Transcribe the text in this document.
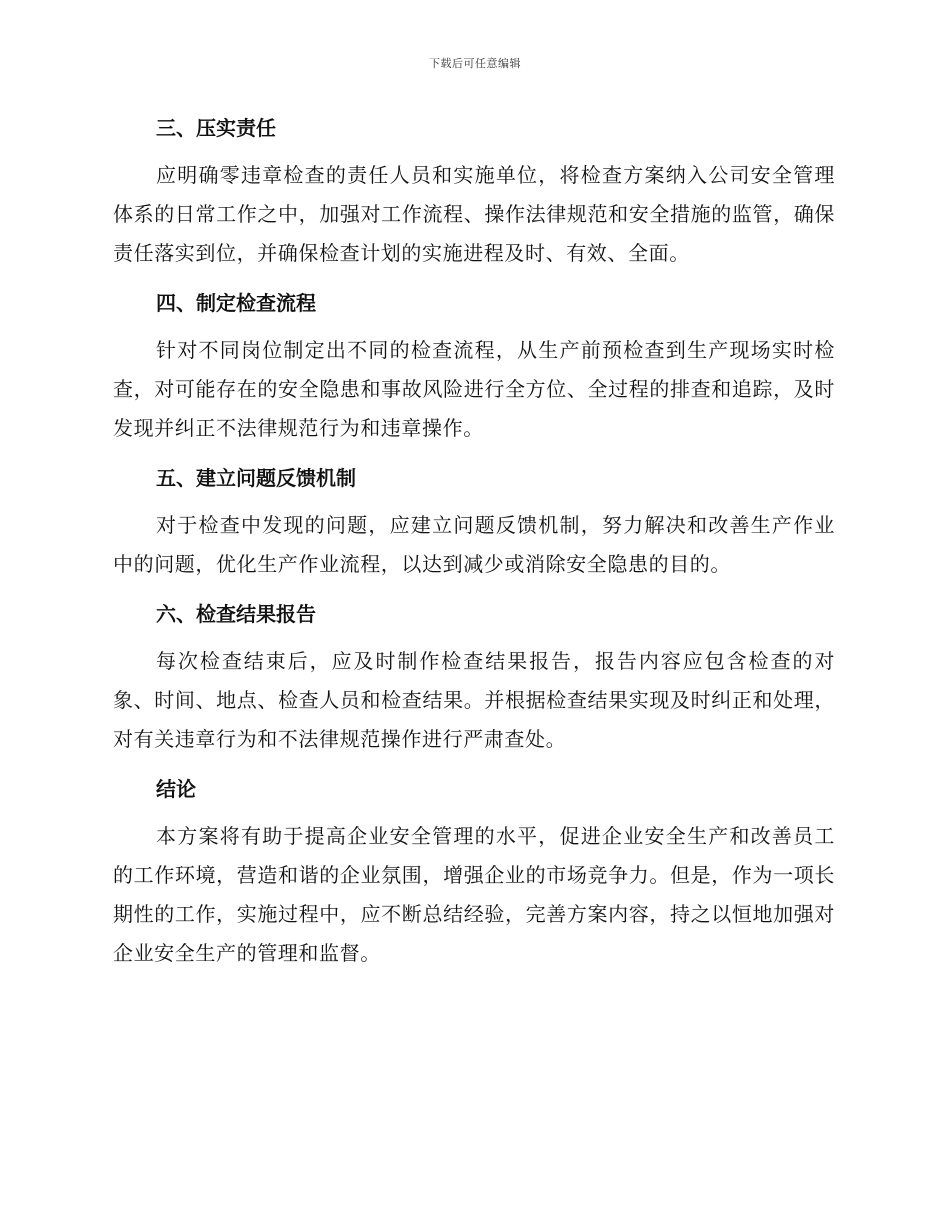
下载后可任意编辑
三、压实责任

应明确零违章检查的责任人员和实施单位，将检查方案纳入公司安全管理体系的日常工作之中，加强对工作流程、操作法律规范和安全措施的监管，确保责任落实到位，并确保检查计划的实施进程及时、有效、全面。

四、制定检查流程

针对不同岗位制定出不同的检查流程，从生产前预检查到生产现场实时检查，对可能存在的安全隐患和事故风险进行全方位、全过程的排查和追踪，及时发现并纠正不法律规范行为和违章操作。

五、建立问题反馈机制

对于检查中发现的问题，应建立问题反馈机制，努力解决和改善生产作业中的问题，优化生产作业流程，以达到减少或消除安全隐患的目的。

六、检查结果报告

每次检查结束后，应及时制作检查结果报告，报告内容应包含检查的对象、时间、地点、检查人员和检查结果。并根据检查结果实现及时纠正和处理，对有关违章行为和不法律规范操作进行严肃查处。

结论

本方案将有助于提高企业安全管理的水平，促进企业安全生产和改善员工的工作环境，营造和谐的企业氛围，增强企业的市场竞争力。但是，作为一项长期性的工作，实施过程中，应不断总结经验，完善方案内容，持之以恒地加强对企业安全生产的管理和监督。
